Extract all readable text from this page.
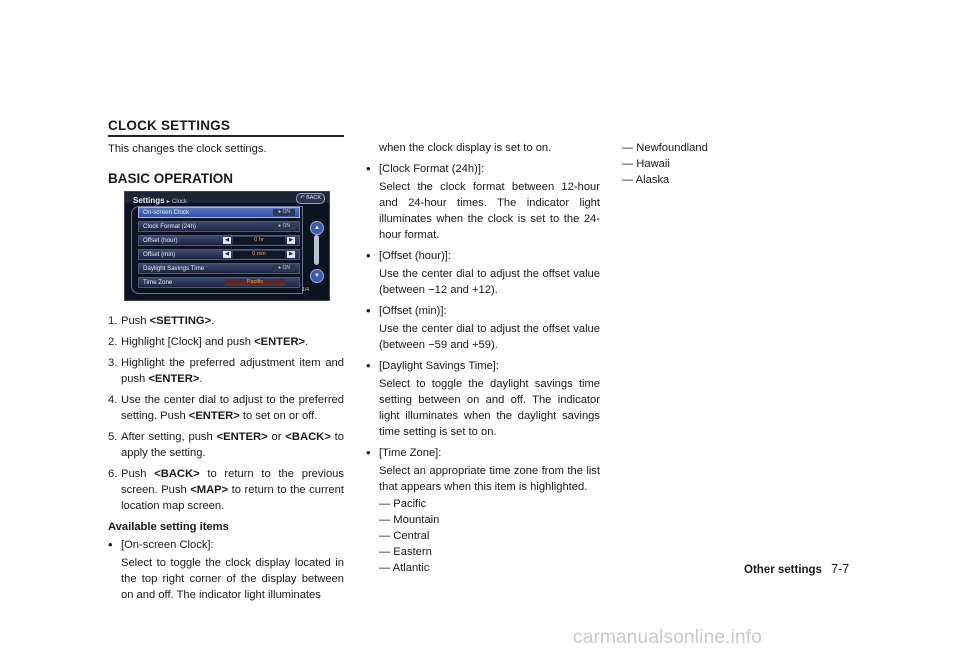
CLOCK SETTINGS

This changes the clock settings.

BASIC OPERATION
Settings ▸ Clock
↶ BACK
On-screen Clock	● ON
Clock Format (24h)	● ON
Offset (hour)	◀	0 hr	▶
Offset (min)	◀	0 min	▶
Daylight Savings Time	● ON
Time Zone	Pacific
▲
▼
1/4
1. Push <SETTING>.
2. Highlight [Clock] and push <ENTER>.
3. Highlight the preferred adjustment item and push <ENTER>.
4. Use the center dial to adjust to the preferred setting. Push <ENTER> to set on or off.
5. After setting, push <ENTER> or <BACK> to apply the setting.
6. Push <BACK> to return to the previous screen. Push <MAP> to return to the current location map screen.
Available setting items
• [On-screen Clock]:
Select to toggle the clock display located in the top right corner of the display between on and off. The indicator light illuminates
when the clock display is set to on.
• [Clock Format (24h)]:
Select the clock format between 12-hour and 24-hour times. The indicator light illuminates when the clock is set to the 24-hour format.
• [Offset (hour)]:
Use the center dial to adjust the offset value (between −12 and +12).
• [Offset (min)]:
Use the center dial to adjust the offset value (between −59 and +59).
• [Daylight Savings Time]:
Select to toggle the daylight savings time setting between on and off. The indicator light illuminates when the daylight savings time setting is set to on.
• [Time Zone]:
Select an appropriate time zone from the list that appears when this item is highlighted.
— Pacific
— Mountain
— Central
— Eastern
— Atlantic
— Newfoundland
— Hawaii
— Alaska
Other settings 7-7
carmanualsonline.info
